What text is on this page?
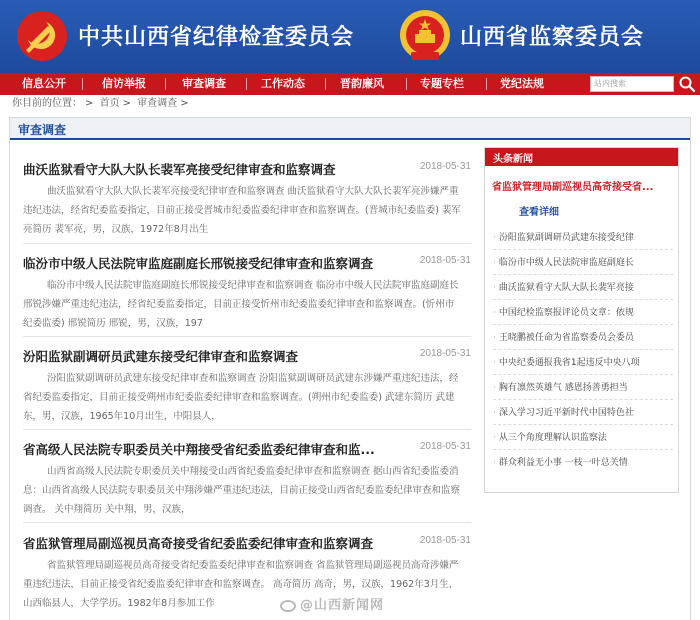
中共山西省纪律检查委员会	山西省监察委员会
信息公开	信访举报	审查调查	工作动态	晋韵廉风	专题专栏	党纪法规	站内搜索
你目前的位置： > 首页 > 审查调查 >
审查调查
曲沃监狱看守大队大队长裴军亮接受纪律审查和监察调查	2018-05-31
曲沃监狱看守大队大队长裴军亮接受纪律审查和监察调查 曲沃监狱看守大队大队长裴军亮涉嫌严重违纪违法，经省纪委监委指定，目前正接受晋城市纪委监委纪律审查和监察调查。(晋城市纪委监委) 裴军亮简历 裴军亮，男，汉族，1972年8月出生
临汾市中级人民法院审监庭副庭长邢锐接受纪律审查和监察调查	2018-05-31
临汾市中级人民法院审监庭副庭长邢锐接受纪律审查和监察调查 临汾市中级人民法院审监庭副庭长邢锐涉嫌严重违纪违法，经省纪委监委指定，目前正接受忻州市纪委监委纪律审查和监察调查。(忻州市纪委监委) 邢锐简历 邢锐，男，汉族，197
汾阳监狱副调研员武建东接受纪律审查和监察调查	2018-05-31
汾阳监狱副调研员武建东接受纪律审查和监察调查 汾阳监狱副调研员武建东涉嫌严重违纪违法，经省纪委监委指定，目前正接受朔州市纪委监委纪律审查和监察调查。(朔州市纪委监委) 武建东简历 武建东，男，汉族，1965年10月出生，中阳县人，
省高级人民法院专职委员关中翔接受省纪委监委纪律审查和监...	2018-05-31
山西省高级人民法院专职委员关中翔接受山西省纪委监委纪律审查和监察调查 据山西省纪委监委消息：山西省高级人民法院专职委员关中翔涉嫌严重违纪违法，目前正接受山西省纪委监委纪律审查和监察调查。 关中翔简历 关中翔，男，汉族，
省监狱管理局副巡视员高奇接受省纪委监委纪律审查和监察调查	2018-05-31
省监狱管理局副巡视员高奇接受省纪委监委纪律审查和监察调查 省监狱管理局副巡视员高奇涉嫌严重违纪违法，目前正接受省纪委监委纪律审查和监察调查。 高奇简历 高奇，男，汉族，1962年3月生，山西临县人，大学学历。1982年8月参加工作
头条新闻
省监狱管理局副巡视员高奇接受省...
查看详细
· 汾阳监狱副调研员武建东接受纪律
· 临汾市中级人民法院审监庭副庭长
· 曲沃监狱看守大队大队长裴军亮接
· 中国纪检监察报评论员文章：依规
· 王晓鹏被任命为省监察委员会委员
· 中央纪委通报我省1起违反中央八项
· 胸有凛然英雄气 感恩扬善勇担当
· 深入学习习近平新时代中国特色社
· 从三个角度理解认识监察法
· 群众利益无小事 一枝一叶总关情
@山西新闻网
